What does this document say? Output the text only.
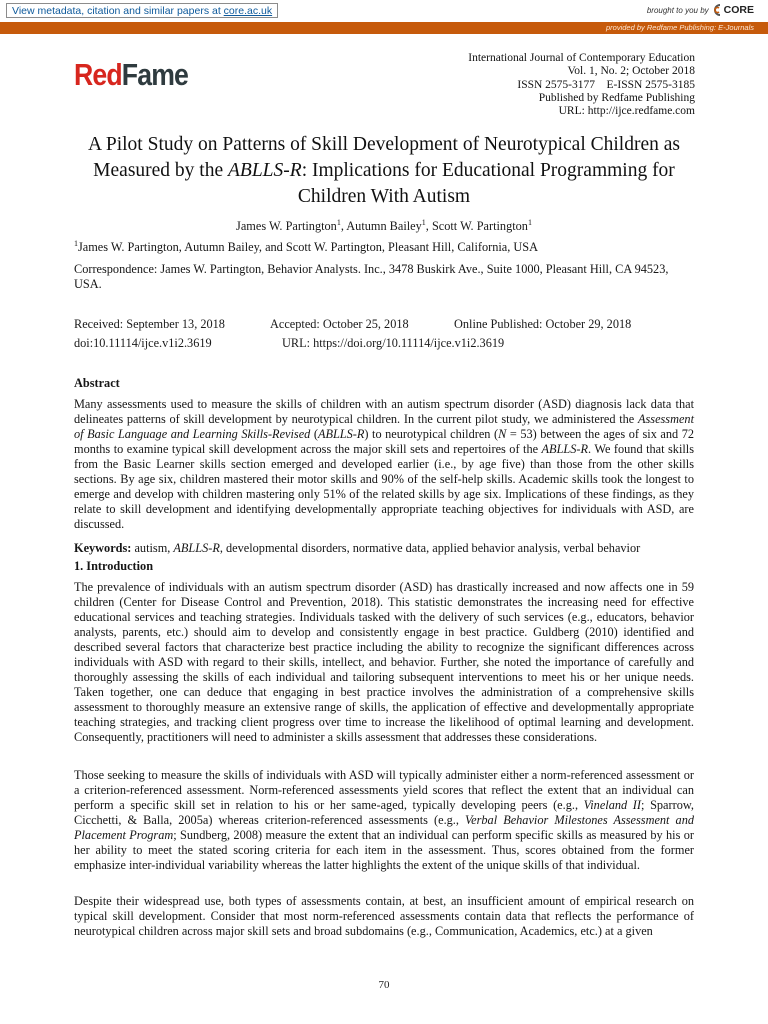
View metadata, citation and similar papers at core.ac.uk	brought to you by CORE
provided by Redfame Publishing: E-Journals
RedFame	International Journal of Contemporary Education
Vol. 1, No. 2; October 2018
ISSN 2575-3177    E-ISSN 2575-3185
Published by Redfame Publishing
URL: http://ijce.redfame.com
A Pilot Study on Patterns of Skill Development of Neurotypical Children as Measured by the ABLLS-R: Implications for Educational Programming for Children With Autism
James W. Partington$^1$, Autumn Bailey$^1$, Scott W. Partington$^1$
$^1$James W. Partington, Autumn Bailey, and Scott W. Partington, Pleasant Hill, California, USA
Correspondence: James W. Partington, Behavior Analysts. Inc., 3478 Buskirk Ave., Suite 1000, Pleasant Hill, CA 94523, USA.
Received: September 13, 2018	Accepted: October 25, 2018	Online Published: October 29, 2018
doi:10.11114/ijce.v1i2.3619	URL: https://doi.org/10.11114/ijce.v1i2.3619
Abstract
Many assessments used to measure the skills of children with an autism spectrum disorder (ASD) diagnosis lack data that delineates patterns of skill development by neurotypical children. In the current pilot study, we administered the Assessment of Basic Language and Learning Skills-Revised (ABLLS-R) to neurotypical children (N = 53) between the ages of six and 72 months to examine typical skill development across the major skill sets and repertoires of the ABLLS-R. We found that skills from the Basic Learner skills section emerged and developed earlier (i.e., by age five) than those from the other skills sections. By age six, children mastered their motor skills and 90% of the self-help skills. Academic skills took the longest to emerge and develop with children mastering only 51% of the related skills by age six. Implications of these findings, as they relate to skill development and identifying developmentally appropriate teaching objectives for individuals with ASD, are discussed.
Keywords: autism, ABLLS-R, developmental disorders, normative data, applied behavior analysis, verbal behavior
1. Introduction
The prevalence of individuals with an autism spectrum disorder (ASD) has drastically increased and now affects one in 59 children (Center for Disease Control and Prevention, 2018). This statistic demonstrates the increasing need for effective educational services and teaching strategies. Individuals tasked with the delivery of such services (e.g., educators, behavior analysts, parents, etc.) should aim to develop and consistently engage in best practice. Guldberg (2010) identified and described several factors that characterize best practice including the ability to recognize the significant differences across individuals with ASD with regard to their skills, intellect, and behavior. Further, she noted the importance of carefully and thoroughly assessing the skills of each individual and tailoring subsequent interventions to meet his or her unique needs. Taken together, one can deduce that engaging in best practice involves the administration of a comprehensive skills assessment to thoroughly measure an extensive range of skills, the application of effective and developmentally appropriate teaching strategies, and tracking client progress over time to increase the likelihood of optimal learning and development. Consequently, practitioners will need to administer a skills assessment that addresses these considerations.
Those seeking to measure the skills of individuals with ASD will typically administer either a norm-referenced assessment or a criterion-referenced assessment. Norm-referenced assessments yield scores that reflect the extent that an individual can perform a specific skill set in relation to his or her same-aged, typically developing peers (e.g., Vineland II; Sparrow, Cicchetti, & Balla, 2005a) whereas criterion-referenced assessments (e.g., Verbal Behavior Milestones Assessment and Placement Program; Sundberg, 2008) measure the extent that an individual can perform specific skills as measured by his or her ability to meet the stated scoring criteria for each item in the assessment. Thus, scores obtained from the former emphasize inter-individual variability whereas the latter highlights the extent of the unique skills of that individual.
Despite their widespread use, both types of assessments contain, at best, an insufficient amount of empirical research on typical skill development. Consider that most norm-referenced assessments contain data that reflects the performance of neurotypical children across major skill sets and broad subdomains (e.g., Communication, Academics, etc.) at a given
70
